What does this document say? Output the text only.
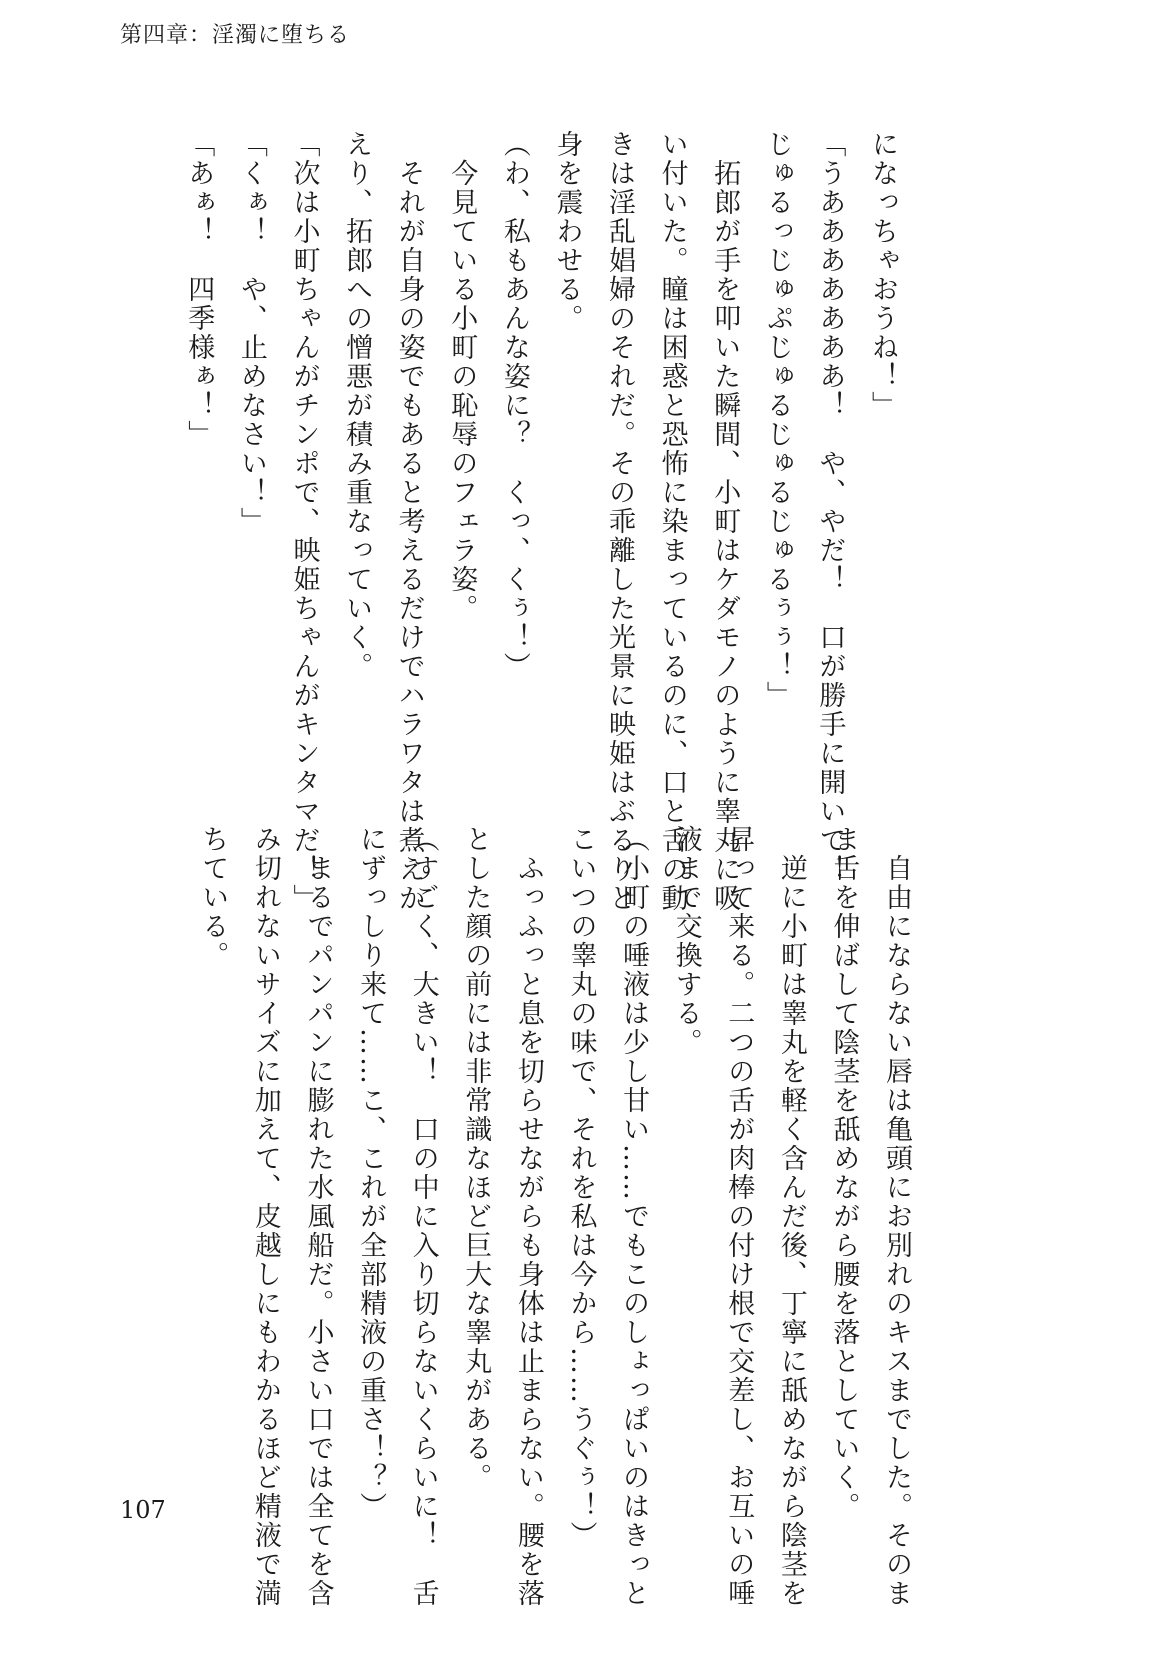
第四章：淫濁に堕ちる
になっちゃおうね！」
「うあああああああ！　や、やだ！　口が勝手に開いて！
じゅるっじゅぷじゅるじゅるじゅるぅぅ！」
　拓郎が手を叩いた瞬間、小町はケダモノのように睾丸に吸
い付いた。瞳は困惑と恐怖に染まっているのに、口と舌の動
きは淫乱娼婦のそれだ。その乖離した光景に映姫はぶるりと
身を震わせる。
（わ、私もあんな姿に？　くっ、くぅ！）
　今見ている小町の恥辱のフェラ姿。
　それが自身の姿でもあると考えるだけでハラワタは煮えか
えり、拓郎への憎悪が積み重なっていく。
「次は小町ちゃんがチンポで、映姫ちゃんがキンタマだ！」
「くぁ！　や、止めなさい！」
「あぁ！　四季様ぁ！」
　自由にならない唇は亀頭にお別れのキスまでした。そのま
ま舌を伸ばして陰茎を舐めながら腰を落としていく。
　逆に小町は睾丸を軽く含んだ後、丁寧に舐めながら陰茎を
昇って来る。二つの舌が肉棒の付け根で交差し、お互いの唾
液まで交換する。
（小町の唾液は少し甘い……でもこのしょっぱいのはきっと
こいつの睾丸の味で、それを私は今から……うぐぅ！）
　ふっふっと息を切らせながらも身体は止まらない。腰を落
とした顔の前には非常識なほど巨大な睾丸がある。
（すごく、大きい！　口の中に入り切らないくらいに！　舌
にずっしり来て……こ、これが全部精液の重さ！？）
　まるでパンパンに膨れた水風船だ。小さい口では全てを含
み切れないサイズに加えて、皮越しにもわかるほど精液で満
ちている。
107
